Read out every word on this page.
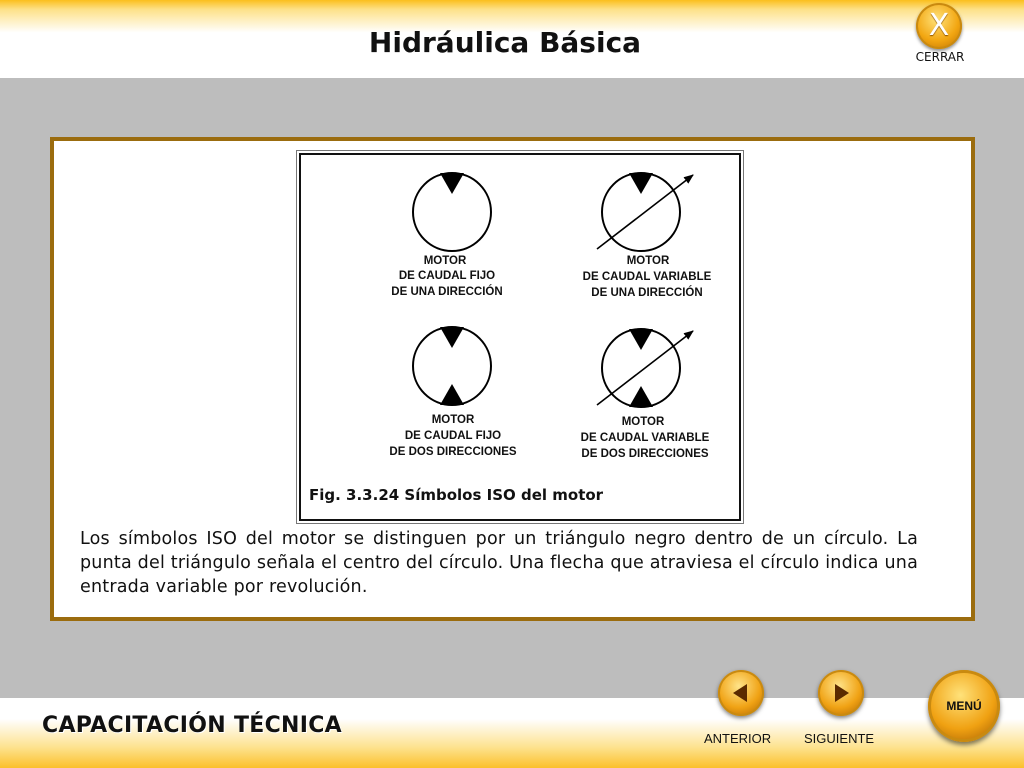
Hidráulica Básica	X
CERRAR
MOTOR
DE CAUDAL FIJO
DE UNA DIRECCIÓN
MOTOR
DE CAUDAL VARIABLE
DE UNA DIRECCIÓN
MOTOR
DE CAUDAL FIJO
DE DOS DIRECCIONES
MOTOR
DE CAUDAL VARIABLE
DE DOS DIRECCIONES
Fig. 3.3.24 Símbolos ISO del motor

Los símbolos ISO del motor se distinguen por un triángulo negro dentro de un círculo. La punta del triángulo señala el centro del círculo. Una flecha que atraviesa el círculo indica una entrada variable por revolución.

CAPACITACIÓN TÉCNICA
ANTERIOR	SIGUIENTE
MENÚ
